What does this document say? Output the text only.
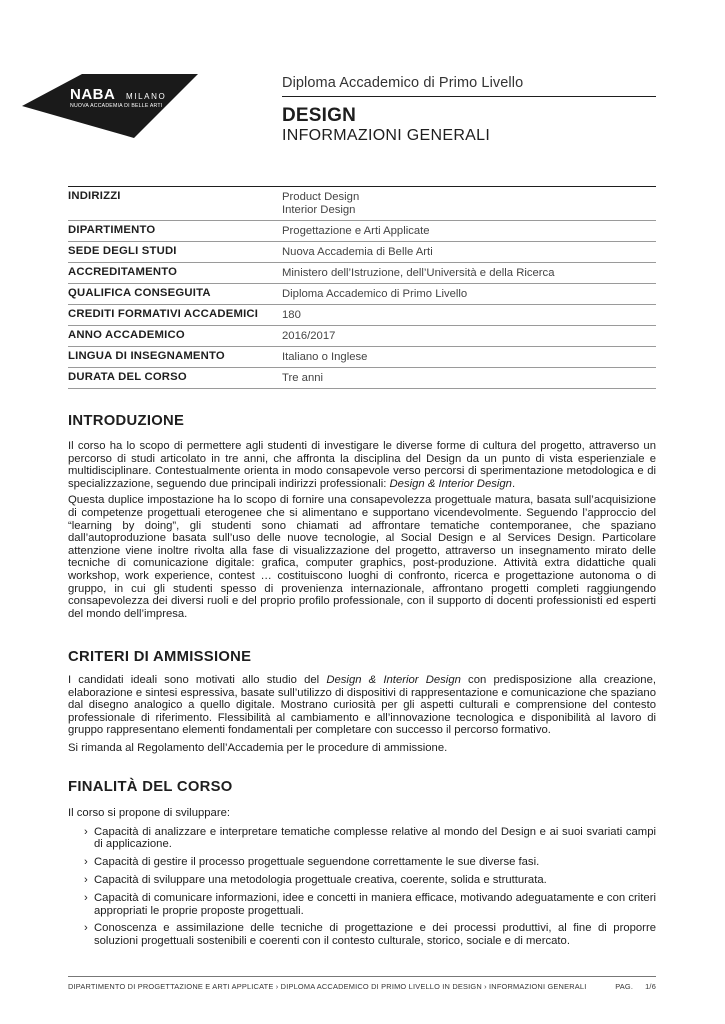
NABA MILANO
NUOVA ACCADEMIA DI BELLE ARTI
Diploma Accademico di Primo Livello
DESIGN
INFORMAZIONI GENERALI
INDIRIZZI	Product Design
Interior Design
DIPARTIMENTO	Progettazione e Arti Applicate
SEDE DEGLI STUDI	Nuova Accademia di Belle Arti
ACCREDITAMENTO	Ministero dell’Istruzione, dell’Università e della Ricerca
QUALIFICA CONSEGUITA	Diploma Accademico di Primo Livello
CREDITI FORMATIVI ACCADEMICI	180
ANNO ACCADEMICO	2016/2017
LINGUA DI INSEGNAMENTO	Italiano o Inglese
DURATA DEL CORSO	Tre anni
INTRODUZIONE

Il corso ha lo scopo di permettere agli studenti di investigare le diverse forme di cultura del progetto, attraverso un percorso di studi articolato in tre anni, che affronta la disciplina del Design da un punto di vista esperienziale e multidisciplinare. Contestualmente orienta in modo consapevole verso percorsi di sperimentazione metodologica e di specializzazione, seguendo due principali indirizzi professionali: Design & Interior Design.

Questa duplice impostazione ha lo scopo di fornire una consapevolezza progettuale matura, basata sull’acquisizione di competenze progettuali eterogenee che si alimentano e supportano vicendevolmente. Seguendo l’approccio del “learning by doing”, gli studenti sono chiamati ad affrontare tematiche contemporanee, che spaziano dall’autoproduzione basata sull’uso delle nuove tecnologie, al Social Design e al Services Design. Particolare attenzione viene inoltre rivolta alla fase di visualizzazione del progetto, attraverso un insegnamento mirato delle tecniche di comunicazione digitale: grafica, computer graphics, post-produzione. Attività extra didattiche quali workshop, work experience, contest … costituiscono luoghi di confronto, ricerca e progettazione autonoma o di gruppo, in cui gli studenti spesso di provenienza internazionale, affrontano progetti completi raggiungendo consapevolezza dei diversi ruoli e del proprio profilo professionale, con il supporto di docenti professionisti ed esperti del mondo dell’impresa.

CRITERI DI AMMISSIONE

I candidati ideali sono motivati allo studio del Design & Interior Design con predisposizione alla creazione, elaborazione e sintesi espressiva, basate sull’utilizzo di dispositivi di rappresentazione e comunicazione che spaziano dal disegno analogico a quello digitale. Mostrano curiosità per gli aspetti culturali e comprensione del contesto professionale di riferimento. Flessibilità al cambiamento e all’innovazione tecnologica e disponibilità al lavoro di gruppo rappresentano elementi fondamentali per completare con successo il percorso formativo.

Si rimanda al Regolamento dell’Accademia per le procedure di ammissione.

FINALITÀ DEL CORSO

Il corso si propone di sviluppare:

› Capacità di analizzare e interpretare tematiche complesse relative al mondo del Design e ai suoi svariati campi di applicazione.
› Capacità di gestire il processo progettuale seguendone correttamente le sue diverse fasi.
› Capacità di sviluppare una metodologia progettuale creativa, coerente, solida e strutturata.
› Capacità di comunicare informazioni, idee e concetti in maniera efficace, motivando adeguatamente e con criteri appropriati le proprie proposte progettuali.
› Conoscenza e assimilazione delle tecniche di progettazione e dei processi produttivi, al fine di proporre soluzioni progettuali sostenibili e coerenti con il contesto culturale, storico, sociale e di mercato.
DIPARTIMENTO DI PROGETTAZIONE E ARTI APPLICATE › DIPLOMA ACCADEMICO DI PRIMO LIVELLO IN DESIGN › INFORMAZIONI GENERALI	PAG. 1/6
